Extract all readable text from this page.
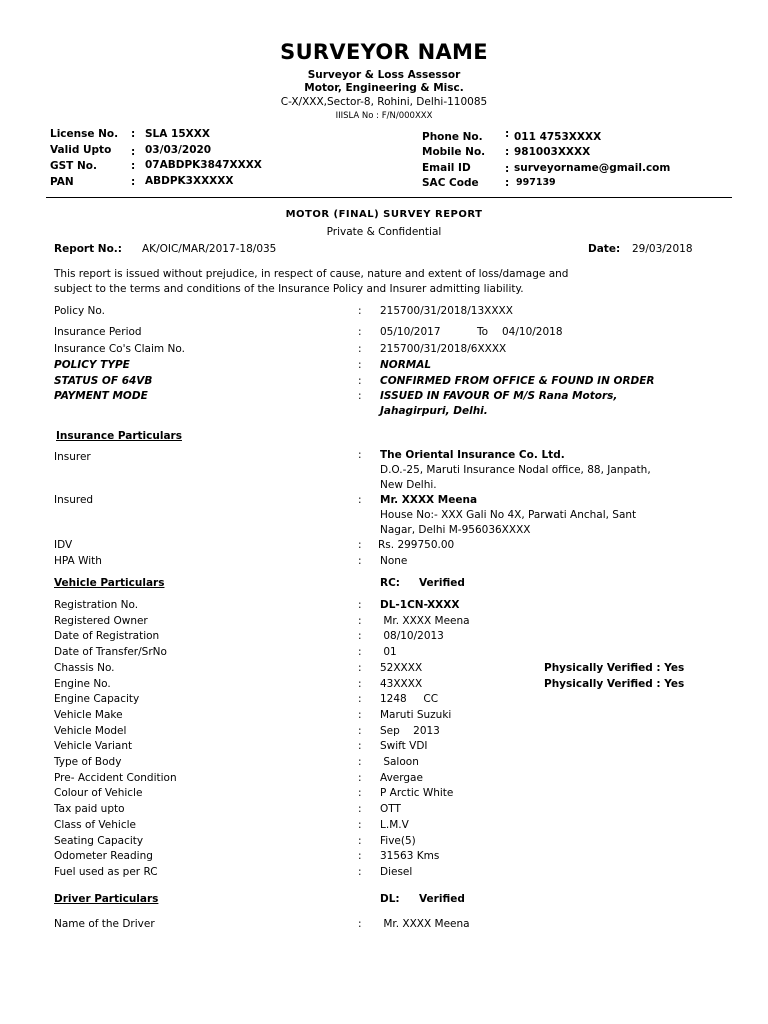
SURVEYOR NAME
Surveyor & Loss Assessor
Motor, Engineering & Misc.
C-X/XXX,Sector-8, Rohini, Delhi-110085
IIISLA No : F/N/000XXX
License No. : SLA 15XXX
Valid Upto : 03/03/2020
GST No.	: 07ABDPK3847XXXX
PAN	: ABDPK3XXXXX
Phone No. : 011 4753XXXX
Mobile No. : 981003XXXX
Email ID	: surveyorname@gmail.com
SAC Code	: 997139
MOTOR (FINAL) SURVEY REPORT
Private & Confidential
Report No.: AK/OIC/MAR/2017-18/035	Date: 29/03/2018
This report is issued without prejudice, in respect of cause, nature and extent of loss/damage and
subject to the terms and conditions of the Insurance Policy and Insurer admitting liability.
Policy No.	: 215700/31/2018/13XXXX
Insurance Period	: 05/10/2017	To 04/10/2018
Insurance Co's Claim No.	: 215700/31/2018/6XXXX
POLICY TYPE	: NORMAL
STATUS OF 64VB	: CONFIRMED FROM OFFICE & FOUND IN ORDER
PAYMENT MODE	: ISSUED IN FAVOUR OF M/S Rana Motors,
Jahagirpuri, Delhi.
Insurance Particulars
Insurer	: The Oriental Insurance Co. Ltd.
D.O.-25, Maruti Insurance Nodal office, 88, Janpath,
New Delhi.
Insured	: Mr. XXXX Meena
House No:- XXX Gali No 4X, Parwati Anchal, Sant
Nagar, Delhi M-956036XXXX
IDV	: Rs. 299750.00
HPA With	: None
Vehicle Particulars	RC: Verified
Registration No.	: DL-1CN-XXXX
Registered Owner	: Mr. XXXX Meena
Date of Registration	: 08/10/2013
Date of Transfer/SrNo	: 01
Chassis No.	: 52XXXX	Physically Verified : Yes
Engine No.	: 43XXXX	Physically Verified : Yes
Engine Capacity	: 1248     CC
Vehicle Make	: Maruti Suzuki
Vehicle Model	: Sep    2013
Vehicle Variant	: Swift VDI
Type of Body	: Saloon
Pre- Accident Condition	: Avergae
Colour of Vehicle	: P Arctic White
Tax paid upto	: OTT
Class of Vehicle	: L.M.V
Seating Capacity	: Five(5)
Odometer Reading	: 31563 Kms
Fuel used as per RC	: Diesel
Driver Particulars	DL: Verified
Name of the Driver	: Mr. XXXX Meena
